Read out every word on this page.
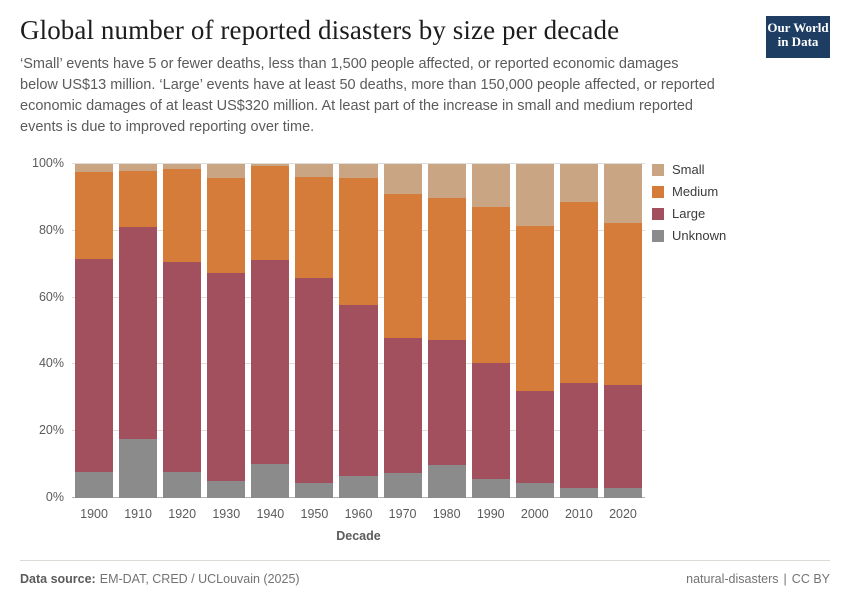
Global number of reported disasters by size per decade

‘Small’ events have 5 or fewer deaths, less than 1,500 people affected, or reported economic damages below US$13 million. ‘Large’ events have at least 50 deaths, more than 150,000 people affected, or reported economic damages of at least US$320 million. At least part of the increase in small and medium reported events is due to improved reporting over time.

Our World
in Data
0%
20%
40%
60%
80%
100%
1900 1910 1920 1930 1940 1950 1960 1970 1980 1990 2000 2010 2020
Decade
Small
Medium
Large
Unknown
Data source: EM-DAT, CRED / UCLouvain (2025)	natural-disasters | CC BY
